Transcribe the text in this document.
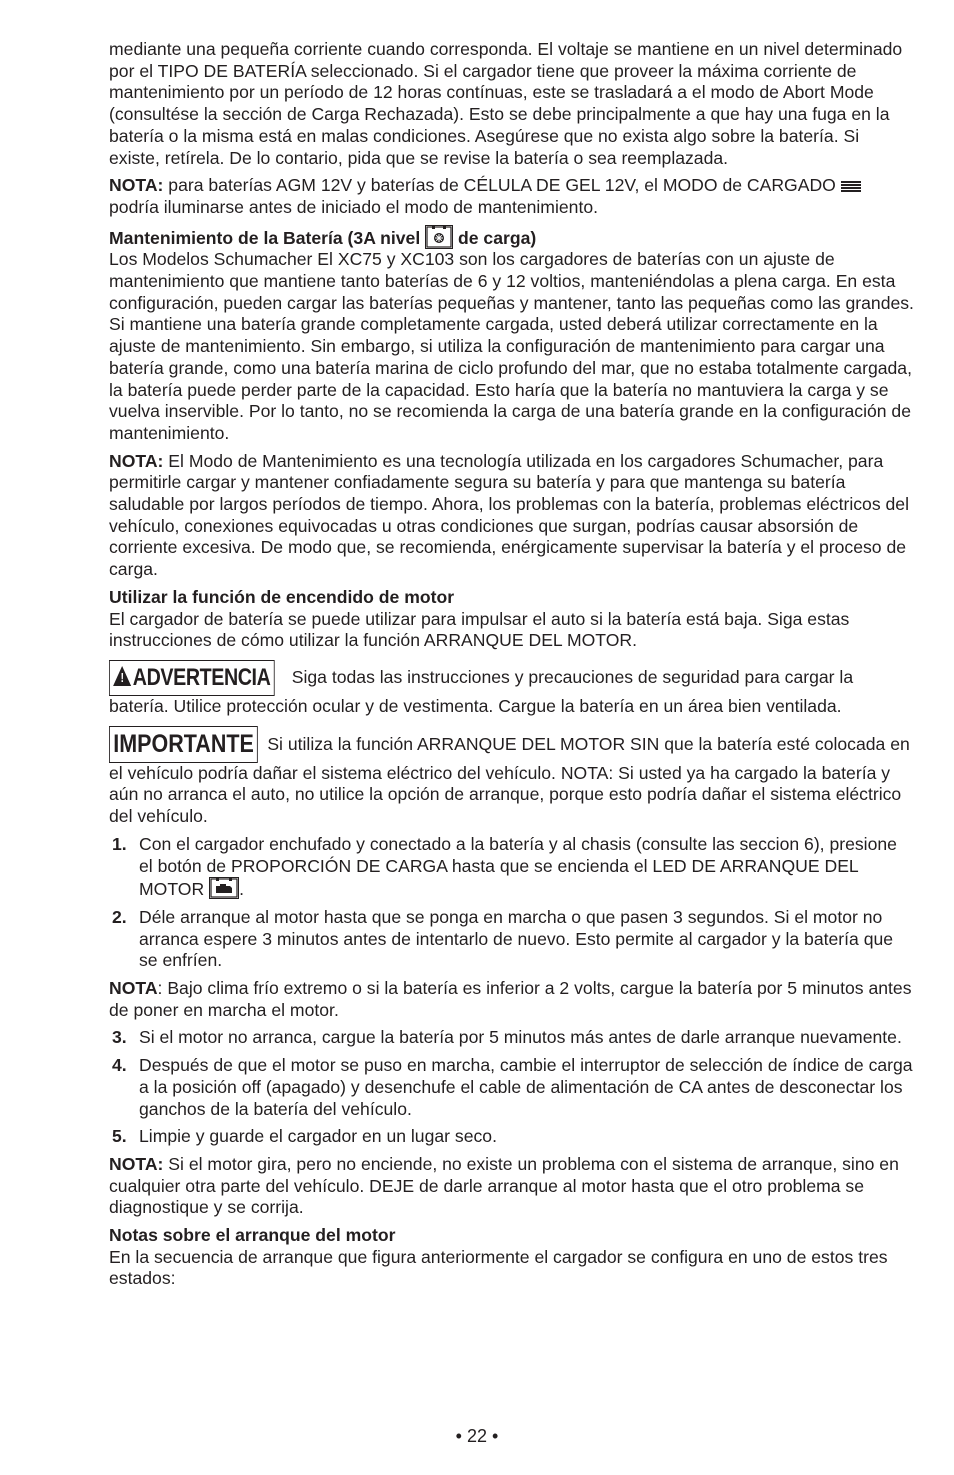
mediante una pequeña corriente cuando corresponda. El voltaje se mantiene en un nivel determinado por el TIPO DE BATERÍA seleccionado. Si el cargador tiene que proveer la máxima corriente de mantenimiento por un período de 12 horas contínuas, este se trasladará a el modo de Abort Mode (consultése la sección de Carga Rechazada). Esto se debe principalmente a que hay una fuga en la batería o la misma está en malas condiciones. Asegúrese que no exista algo sobre la batería. Si existe, retírela. De lo contario, pida que se revise la batería o sea reemplazada.

NOTA: para baterías AGM 12V y baterías de CÉLULA DE GEL 12V, el MODO de CARGADO
podría iluminarse antes de iniciado el modo de mantenimiento.

Mantenimiento de la Batería (3A nivel  de carga)
Los Modelos Schumacher El XC75 y XC103 son los cargadores de baterías con un ajuste de mantenimiento que mantiene tanto baterías de 6 y 12 voltios, manteniéndolas a plena carga. En esta configuración, pueden cargar las baterías pequeñas y mantener, tanto las pequeñas como las grandes. Si mantiene una batería grande completamente cargada, usted deberá utilizar correctamente en la ajuste de mantenimiento. Sin embargo, si utiliza la configuración de mantenimiento para cargar una batería grande, como una batería marina de ciclo profundo del mar, que no estaba totalmente cargada, la batería puede perder parte de la capacidad. Esto haría que la batería no mantuviera la carga y se vuelva inservible. Por lo tanto, no se recomienda la carga de una batería grande en la configuración de mantenimiento.

NOTA: El Modo de Mantenimiento es una tecnología utilizada en los cargadores Schumacher, para permitirle cargar y mantener confiadamente segura su batería y para que mantenga su batería saludable por largos períodos de tiempo. Ahora, los problemas con la batería, problemas eléctricos del vehículo, conexiones equivocadas u otras condiciones que surgan, podrías causar absorsión de corriente excesiva. De modo que, se recomienda, enérgicamente supervisar la batería y el proceso de carga.

Utilizar la función de encendido de motor
El cargador de batería se puede utilizar para impulsar el auto si la batería está baja. Siga estas instrucciones de cómo utilizar la función ARRANQUE DEL MOTOR.

! ADVERTENCIA Siga todas las instrucciones y precauciones de seguridad para cargar la batería. Utilice protección ocular y de vestimenta. Cargue la batería en un área bien ventilada.

IMPORTANTE Si utiliza la función ARRANQUE DEL MOTOR SIN que la batería esté colocada en el vehículo podría dañar el sistema eléctrico del vehículo. NOTA: Si usted ya ha cargado la batería y aún no arranca el auto, no utilice la opción de arranque, porque esto podría dañar el sistema eléctrico del vehículo.

1. Con el cargador enchufado y conectado a la batería y al chasis (consulte las seccion 6), presione el botón de PROPORCIÓN DE CARGA hasta que se encienda el LED DE ARRANQUE DEL MOTOR .
2. Déle arranque al motor hasta que se ponga en marcha o que pasen 3 segundos. Si el motor no arranca espere 3 minutos antes de intentarlo de nuevo. Esto permite al cargador y la batería que se enfríen.

NOTA: Bajo clima frío extremo o si la batería es inferior a 2 volts, cargue la batería por 5 minutos antes de poner en marcha el motor.

3. Si el motor no arranca, cargue la batería por 5 minutos más antes de darle arranque nuevamente.
4. Después de que el motor se puso en marcha, cambie el interruptor de selección de índice de carga a la posición off (apagado) y desenchufe el cable de alimentación de CA antes de desconectar los ganchos de la batería del vehículo.
5. Limpie y guarde el cargador en un lugar seco.

NOTA: Si el motor gira, pero no enciende, no existe un problema con el sistema de arranque, sino en cualquier otra parte del vehículo. DEJE de darle arranque al motor hasta que el otro problema se diagnostique y se corrija.

Notas sobre el arranque del motor
En la secuencia de arranque que figura anteriormente el cargador se configura en uno de estos tres estados:

• 22 •
